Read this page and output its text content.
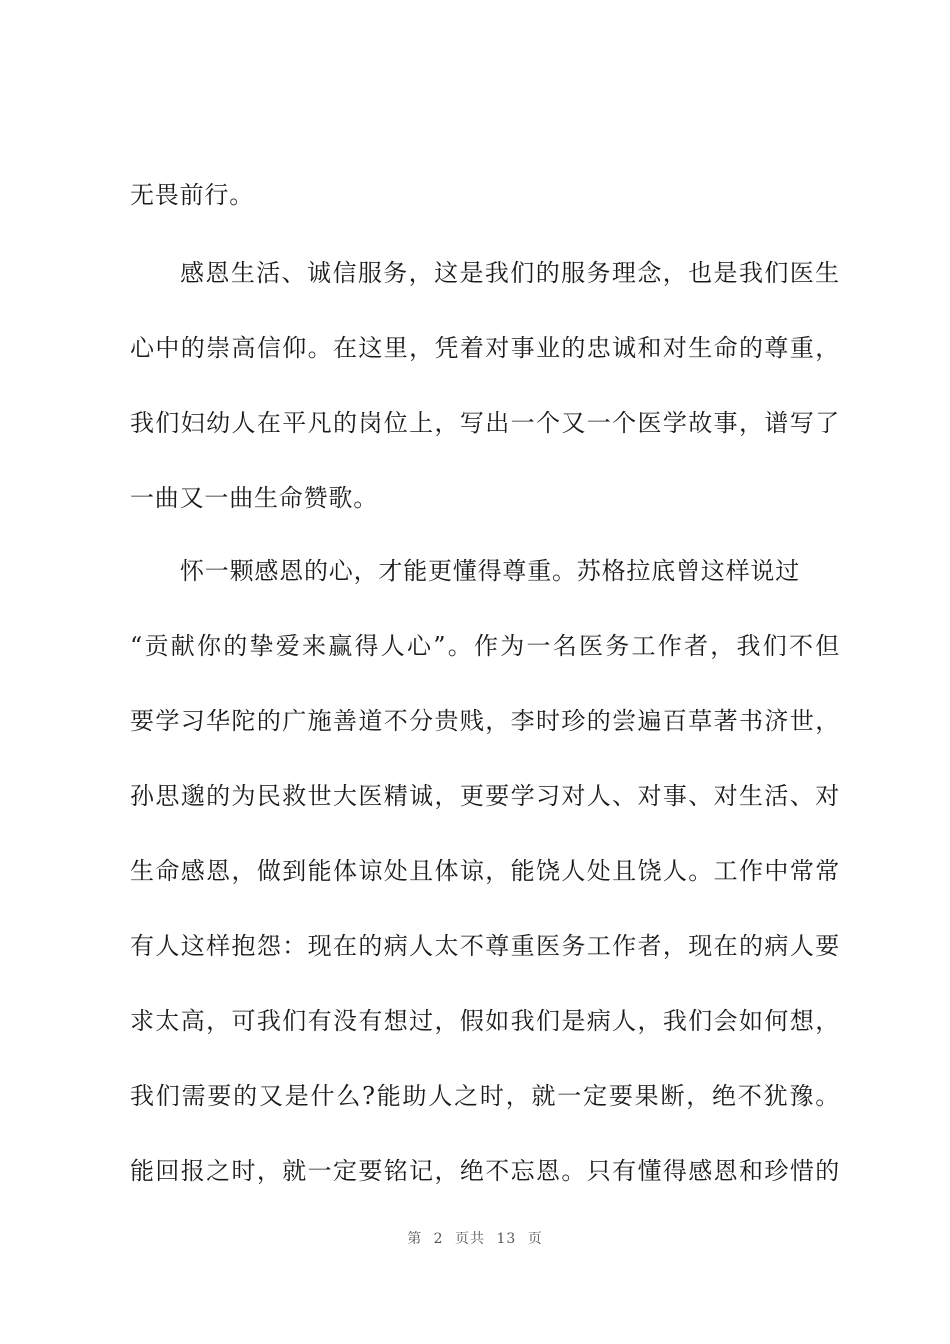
无畏前行。
感恩生活、诚信服务，这是我们的服务理念，也是我们医生
心中的崇高信仰。在这里，凭着对事业的忠诚和对生命的尊重，
我们妇幼人在平凡的岗位上，写出一个又一个医学故事，谱写了
一曲又一曲生命赞歌。
怀一颗感恩的心，才能更懂得尊重。苏格拉底曾这样说过
“贡献你的挚爱来赢得人心”。作为一名医务工作者，我们不但
要学习华陀的广施善道不分贵贱，李时珍的尝遍百草著书济世，
孙思邈的为民救世大医精诚，更要学习对人、对事、对生活、对
生命感恩，做到能体谅处且体谅，能饶人处且饶人。工作中常常
有人这样抱怨：现在的病人太不尊重医务工作者，现在的病人要
求太高，可我们有没有想过，假如我们是病人，我们会如何想，
我们需要的又是什么?能助人之时，就一定要果断，绝不犹豫。
能回报之时，就一定要铭记，绝不忘恩。只有懂得感恩和珍惜的
第 2 页共 13 页
